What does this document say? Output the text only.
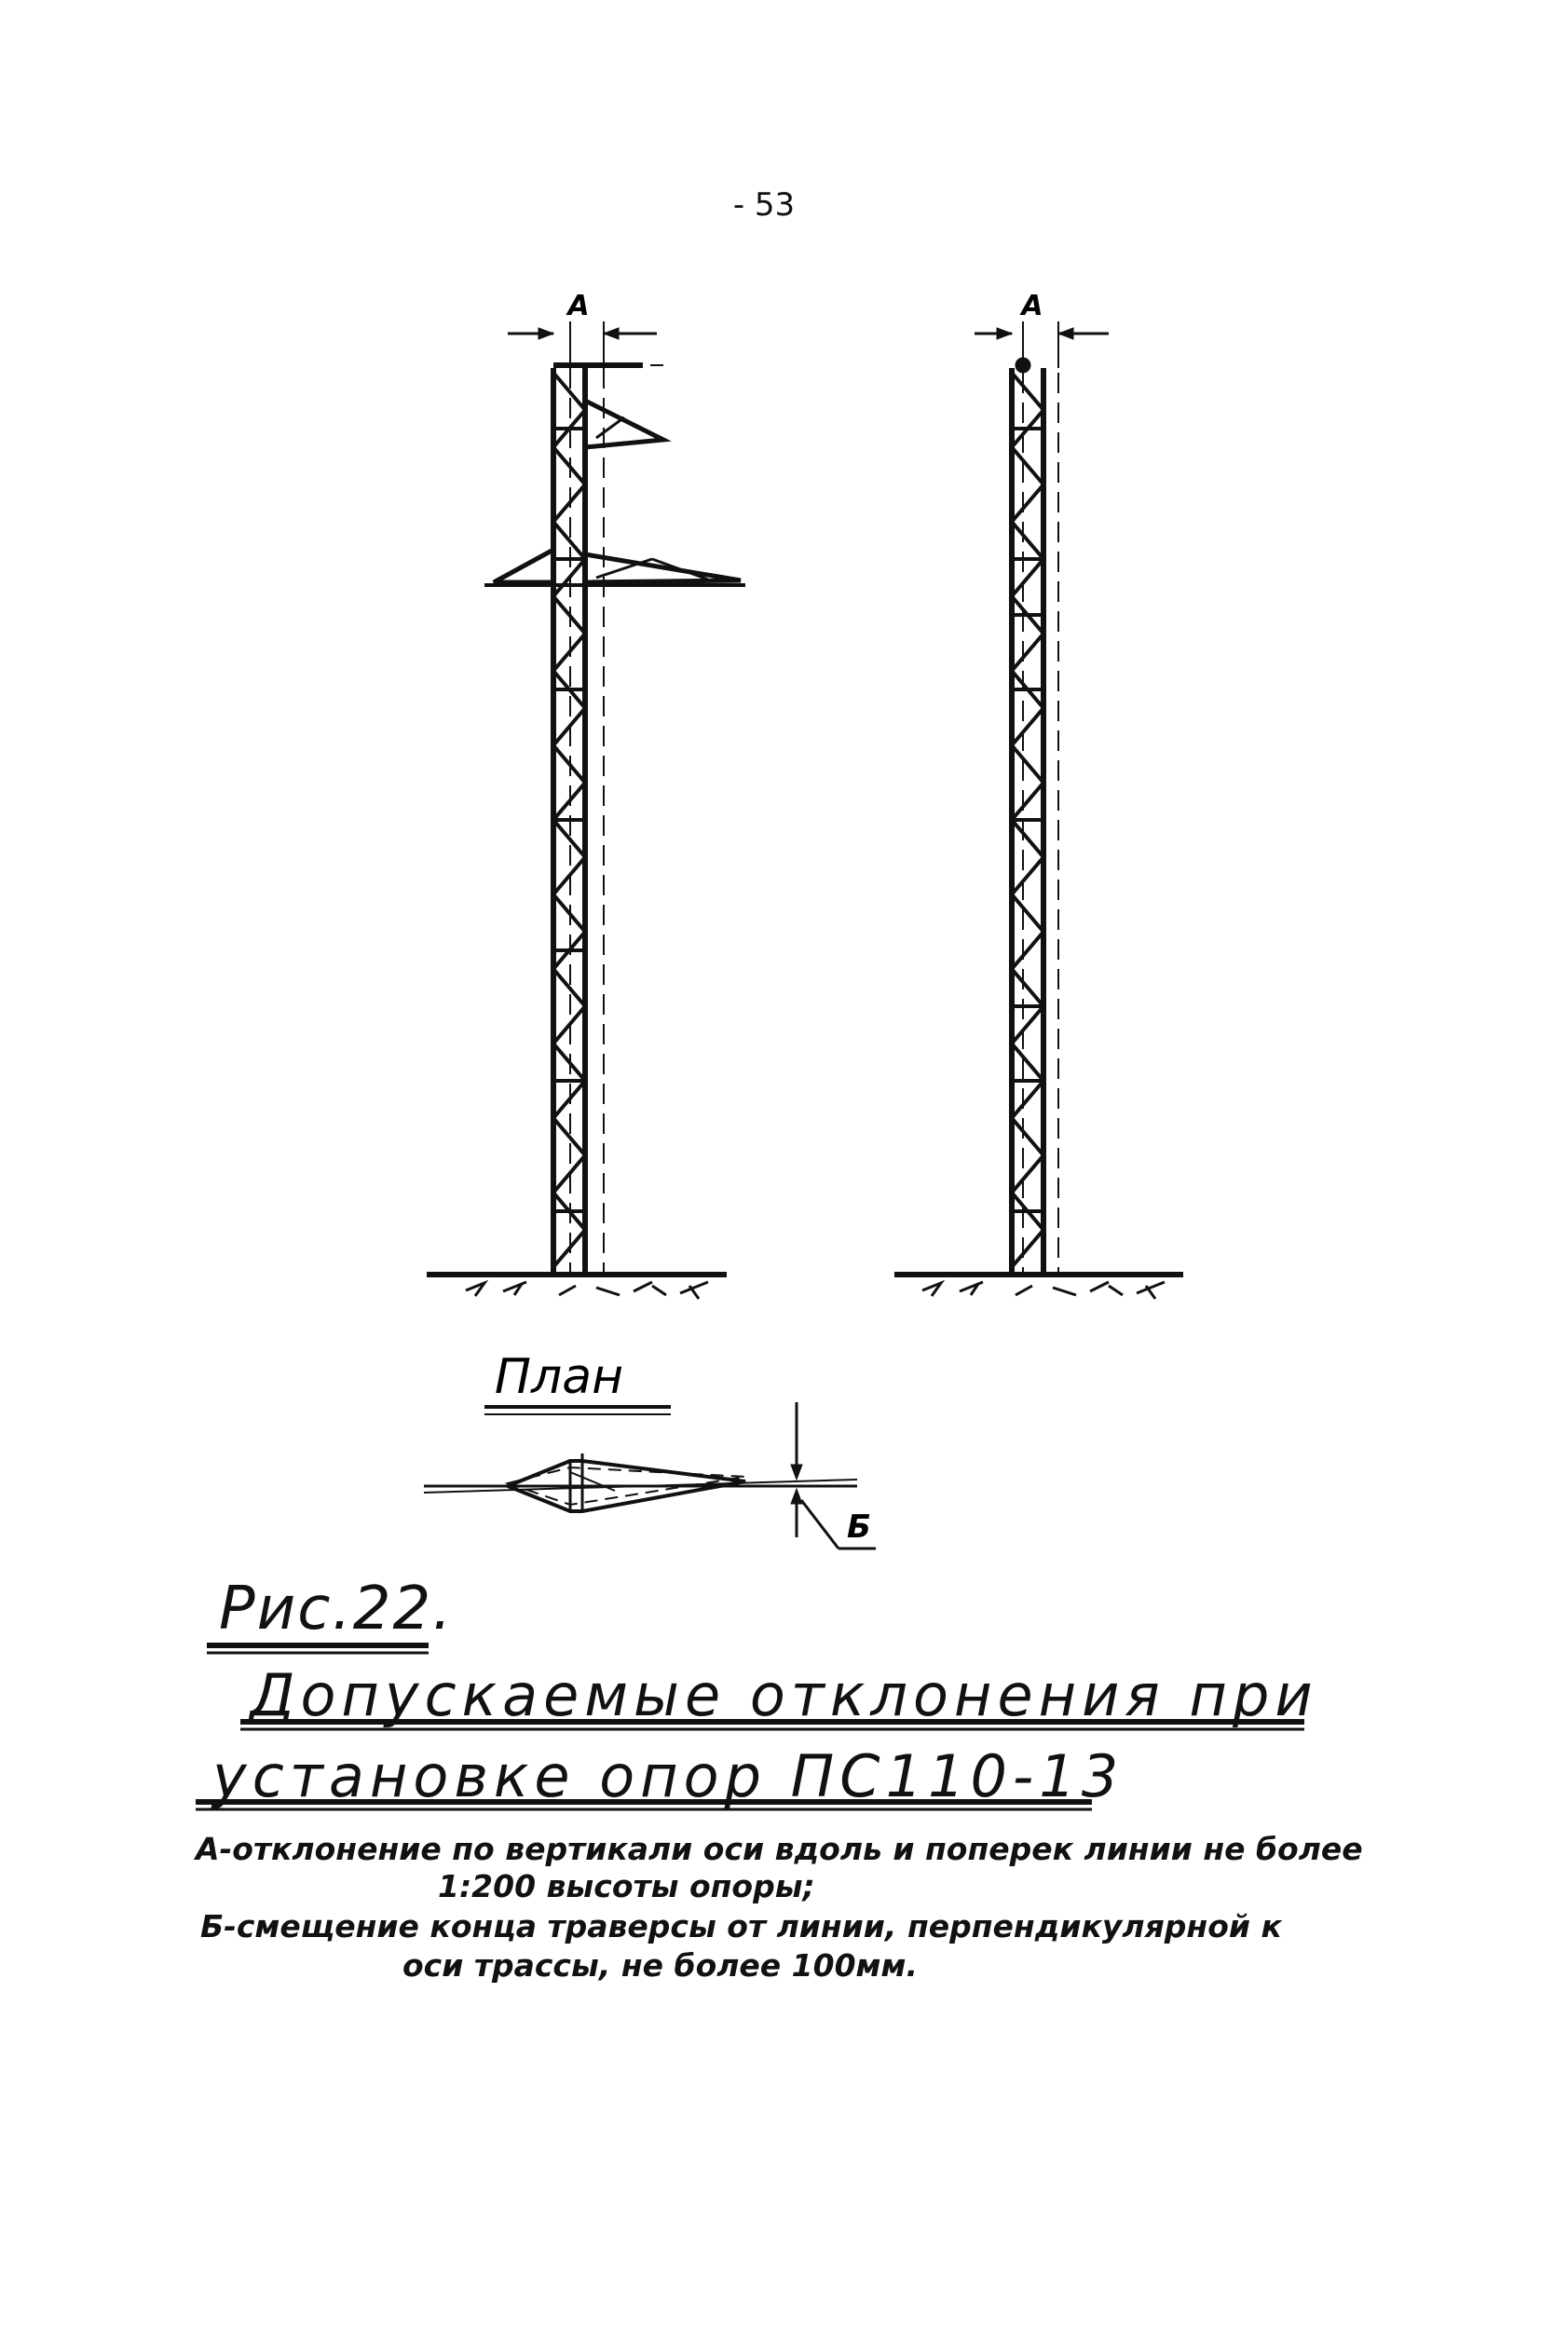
- 53
А	А
План
Б
Рис.22.
Допускаемые отклонения при
установке опор ПС110-13
А-отклонение по вертикали оси вдоль и поперек линии не более
1:200 высоты опоры;
Б-смещение конца траверсы от линии, перпендикулярной к
оси трассы, не более 100мм.
